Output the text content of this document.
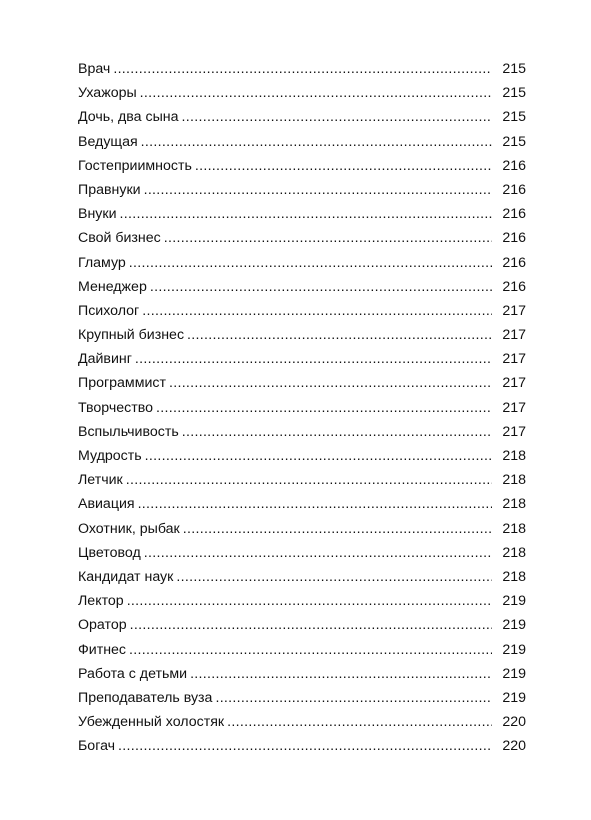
Врач .....	215
Ухажоры .....	215
Дочь, два сына .....	215
Ведущая .....	215
Гостеприимность .....	216
Правнуки .....	216
Внуки .....	216
Свой бизнес .....	216
Гламур .....	216
Менеджер .....	216
Психолог .....	217
Крупный бизнес .....	217
Дайвинг .....	217
Программист .....	217
Творчество .....	217
Вспыльчивость .....	217
Мудрость .....	218
Летчик .....	218
Авиация .....	218
Охотник, рыбак .....	218
Цветовод .....	218
Кандидат наук .....	218
Лектор .....	219
Оратор .....	219
Фитнес .....	219
Работа с детьми .....	219
Преподаватель вуза .....	219
Убежденный холостяк .....	220
Богач .....	220
